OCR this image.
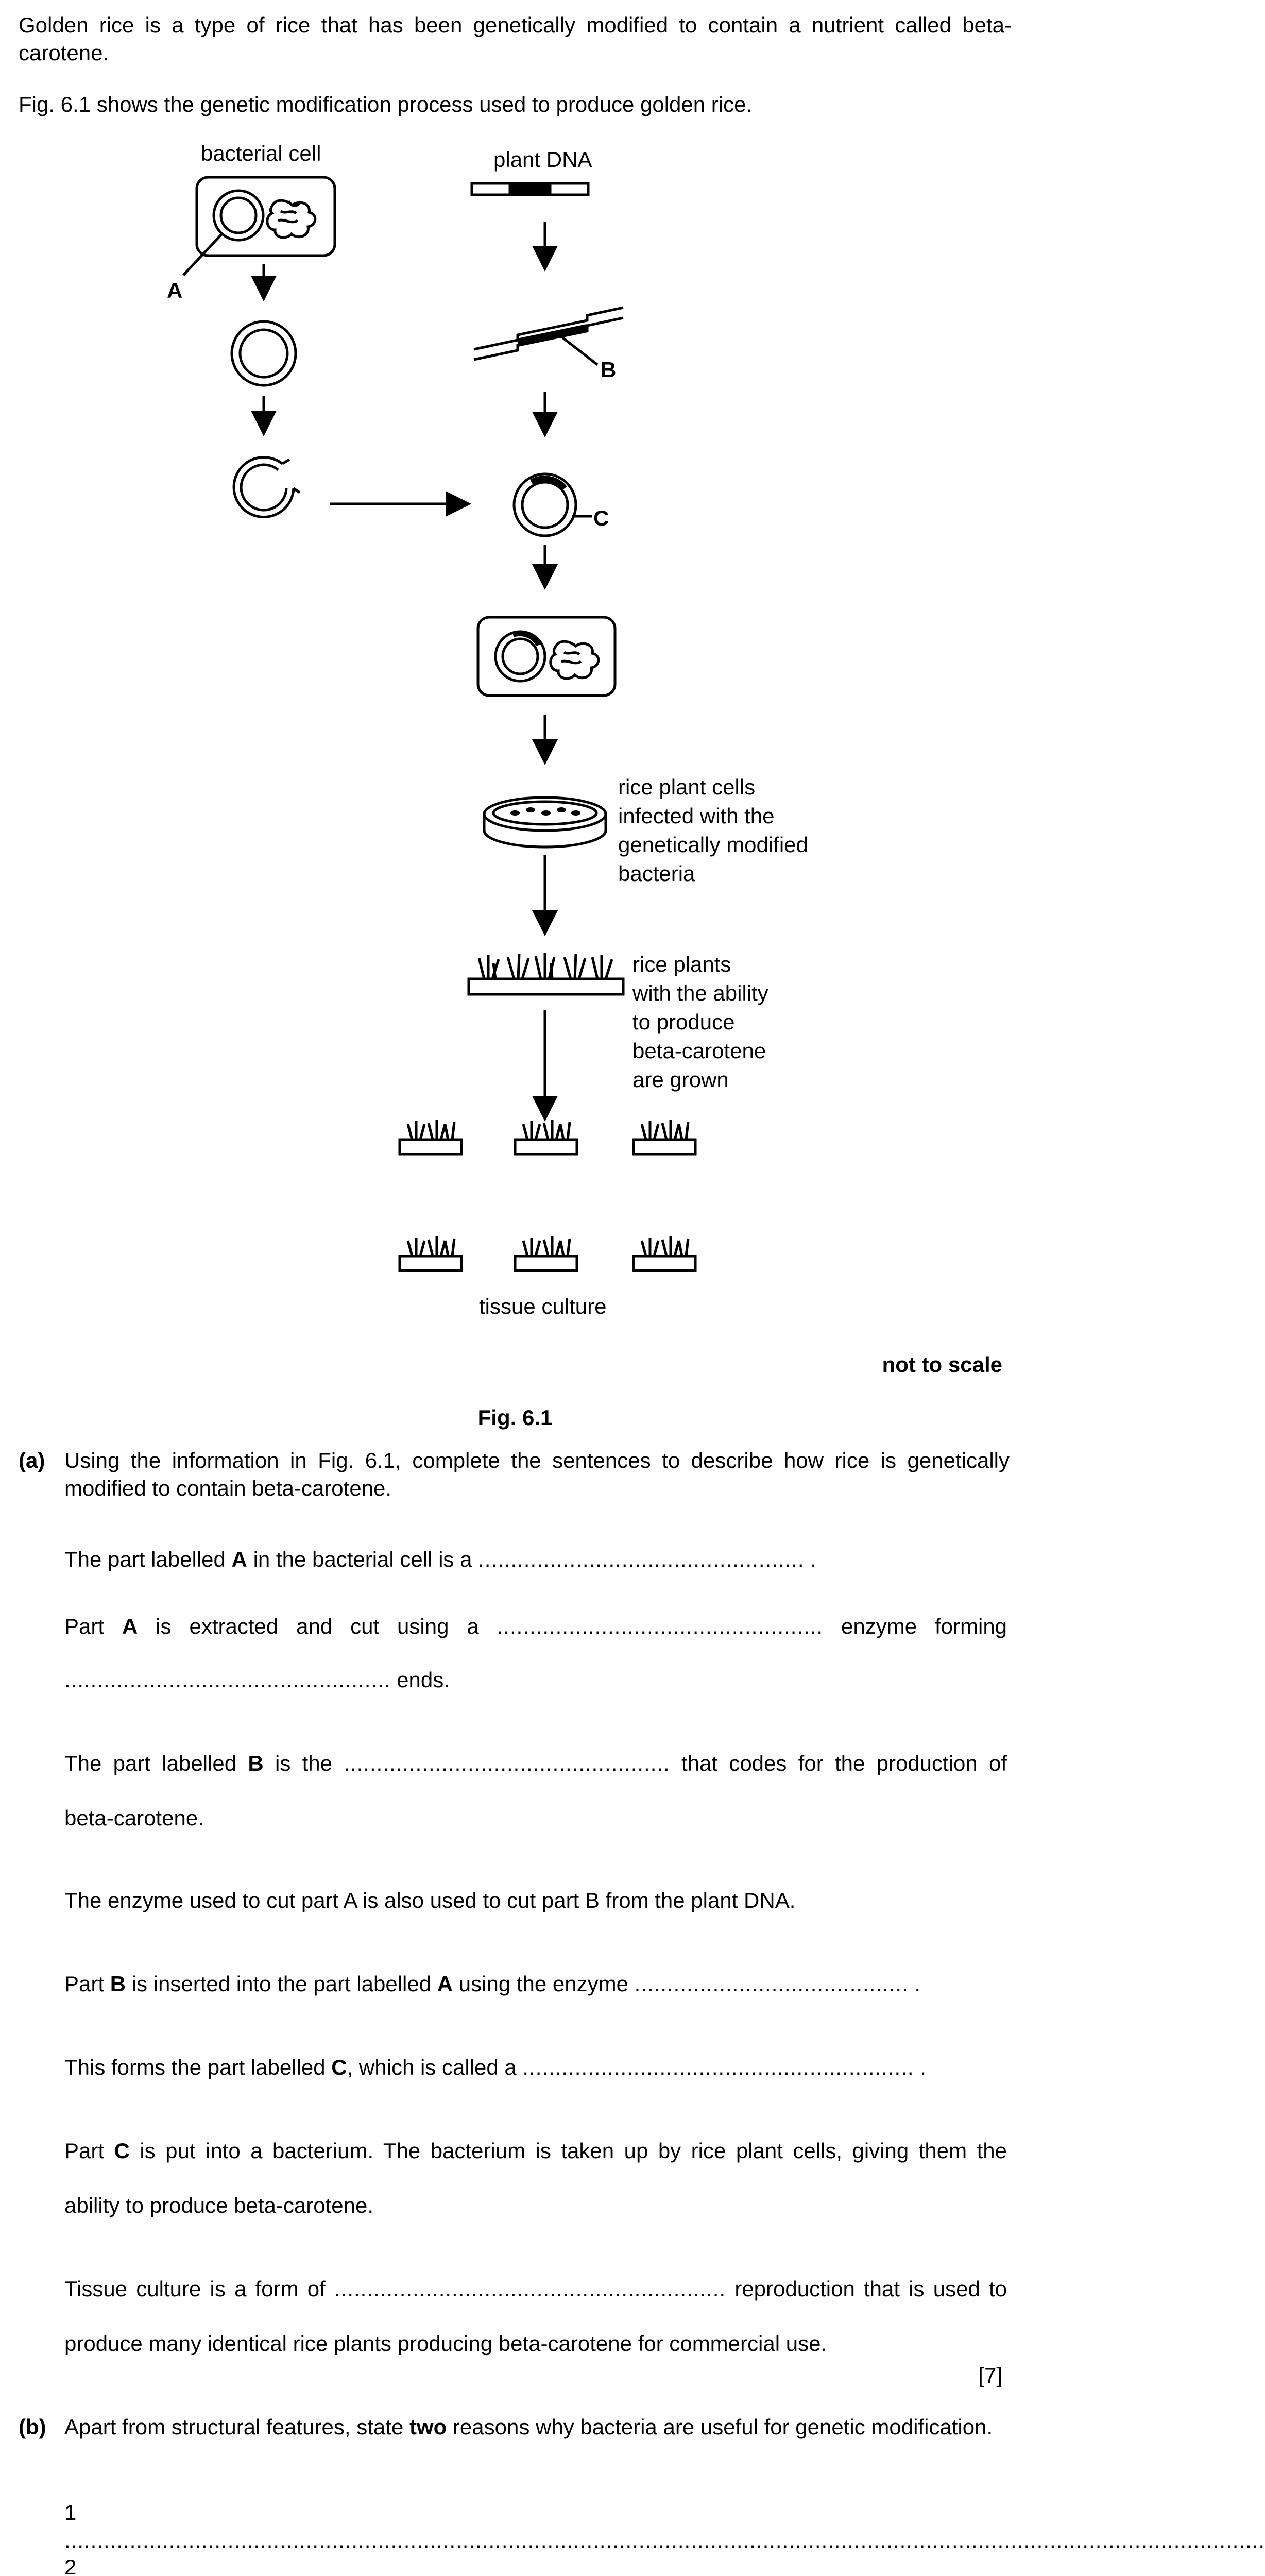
Golden rice is a type of rice that has been genetically modified to contain a nutrient called beta-carotene.
Fig. 6.1 shows the genetic modification process used to produce golden rice.
bacterial cell	plant DNA
A
B
C
rice plant cells
infected with the
genetically modified
bacteria
rice plants
with the ability
to produce
beta-carotene
are grown
tissue culture
not to scale
Fig. 6.1
(a) Using the information in Fig. 6.1, complete the sentences to describe how rice is genetically modified to contain beta-carotene.
The part labelled A in the bacterial cell is a .................................................. .
Part A is extracted and cut using a .................................................. enzyme forming
.................................................. ends.
The part labelled B is the .................................................. that codes for the production of
beta-carotene.
The enzyme used to cut part A is also used to cut part B from the plant DNA.
Part B is inserted into the part labelled A using the enzyme .......................................... .
This forms the part labelled C, which is called a ............................................................ .
Part C is put into a bacterium. The bacterium is taken up by rice plant cells, giving them the
ability to produce beta-carotene.
Tissue culture is a form of ............................................................ reproduction that is used to
produce many identical rice plants producing beta-carotene for commercial use.
[7]
(b) Apart from structural features, state two reasons why bacteria are useful for genetic modification.
1 ........................................................................................................................................................................................
2
